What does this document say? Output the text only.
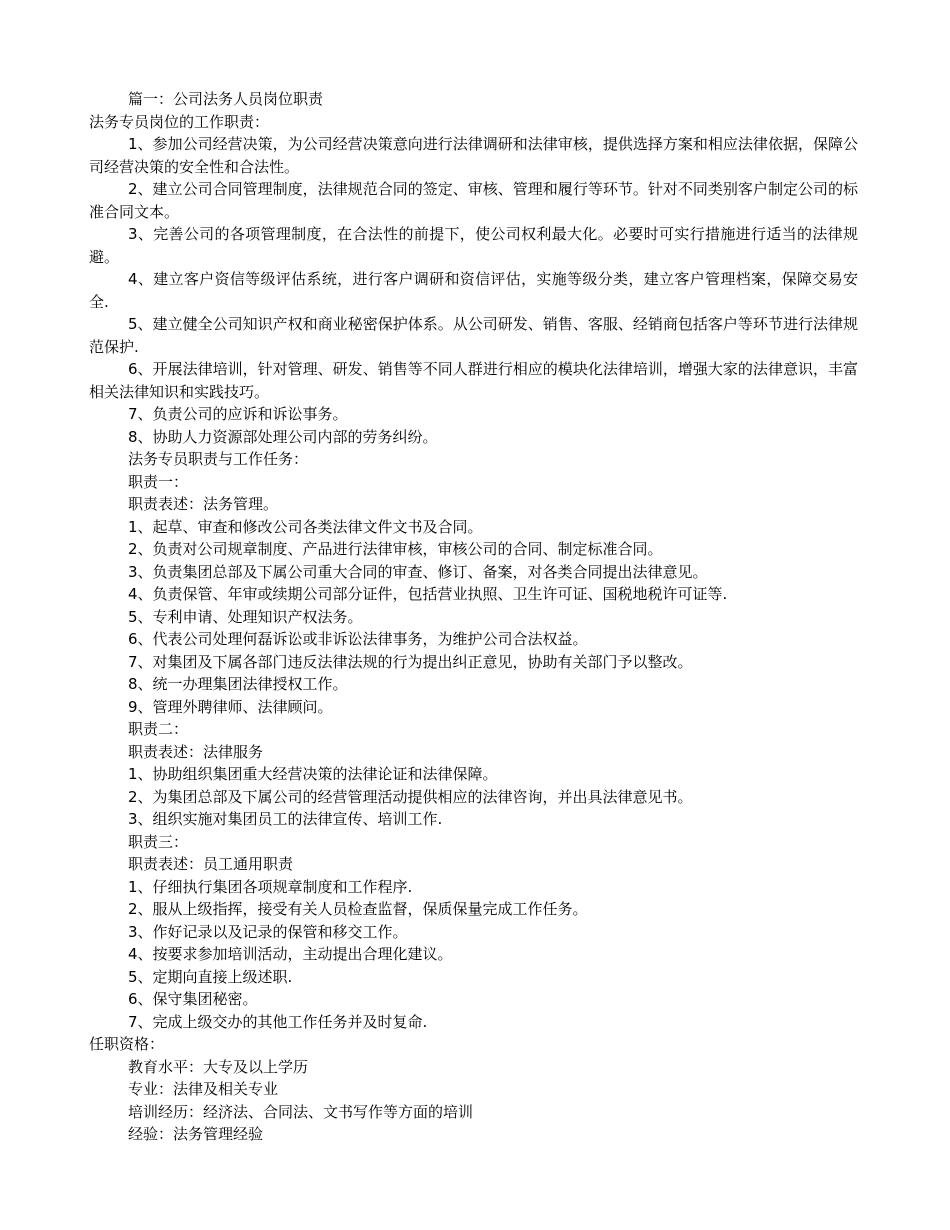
篇一：公司法务人员岗位职责
法务专员岗位的工作职责：
1、参加公司经营决策，为公司经营决策意向进行法律调研和法律审核，提供选择方案和相应法律依据，保障公司经营决策的安全性和合法性。
2、建立公司合同管理制度，法律规范合同的签定、审核、管理和履行等环节。针对不同类别客户制定公司的标准合同文本。
3、完善公司的各项管理制度，在合法性的前提下，使公司权利最大化。必要时可实行措施进行适当的法律规避。
4、建立客户资信等级评估系统，进行客户调研和资信评估，实施等级分类，建立客户管理档案，保障交易安全.
5、建立健全公司知识产权和商业秘密保护体系。从公司研发、销售、客服、经销商包括客户等环节进行法律规范保护.
6、开展法律培训，针对管理、研发、销售等不同人群进行相应的模块化法律培训，增强大家的法律意识，丰富相关法律知识和实践技巧。
7、负责公司的应诉和诉讼事务。
8、协助人力资源部处理公司内部的劳务纠纷。
法务专员职责与工作任务：
职责一：
职责表述：法务管理。
1、起草、审查和修改公司各类法律文件文书及合同。
2、负责对公司规章制度、产品进行法律审核，审核公司的合同、制定标准合同。
3、负责集团总部及下属公司重大合同的审查、修订、备案，对各类合同提出法律意见。
4、负责保管、年审或续期公司部分证件，包括营业执照、卫生许可证、国税地税许可证等.
5、专利申请、处理知识产权法务。
6、代表公司处理何磊诉讼或非诉讼法律事务，为维护公司合法权益。
7、对集团及下属各部门违反法律法规的行为提出纠正意见，协助有关部门予以整改。
8、统一办理集团法律授权工作。
9、管理外聘律师、法律顾问。
职责二：
职责表述：法律服务
1、协助组织集团重大经营决策的法律论证和法律保障。
2、为集团总部及下属公司的经营管理活动提供相应的法律咨询，并出具法律意见书。
3、组织实施对集团员工的法律宣传、培训工作.
职责三：
职责表述：员工通用职责
1、仔细执行集团各项规章制度和工作程序.
2、服从上级指挥，接受有关人员检查监督，保质保量完成工作任务。
3、作好记录以及记录的保管和移交工作。
4、按要求参加培训活动，主动提出合理化建议。
5、定期向直接上级述职.
6、保守集团秘密。
7、完成上级交办的其他工作任务并及时复命.
任职资格：
教育水平：大专及以上学历
专业：法律及相关专业
培训经历：经济法、合同法、文书写作等方面的培训
经验：法务管理经验
